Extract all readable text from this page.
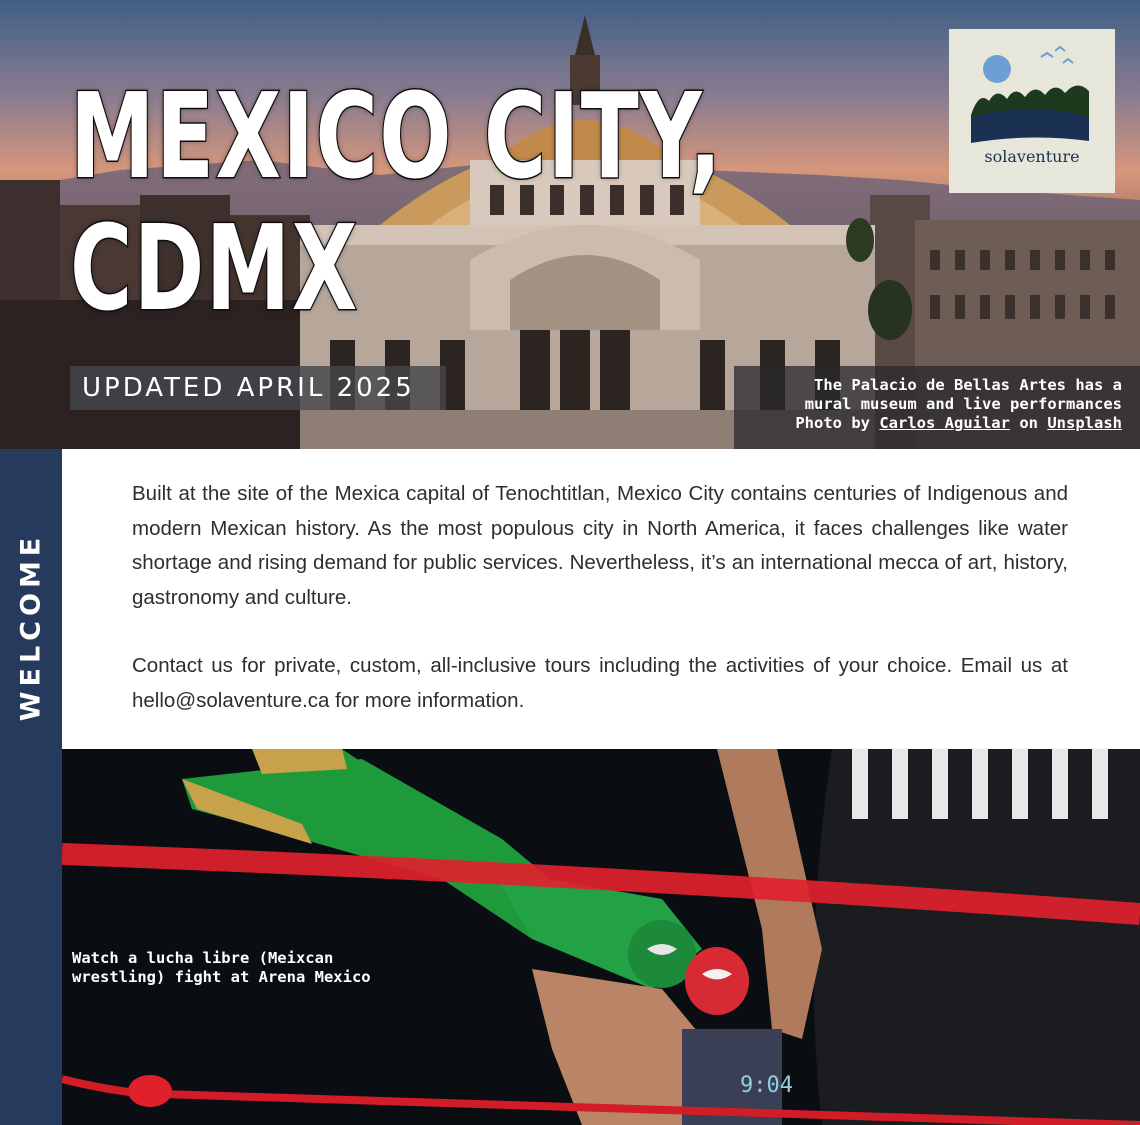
MEXICO CITY,
CDMX
UPDATED APRIL 2025	The Palacio de Bellas Artes has a
mural museum and live performances
Photo by Carlos Aguilar on Unsplash
solaventure
WELCOME

Built at the site of the Mexica capital of Tenochtitlan, Mexico City contains centuries of Indigenous and modern Mexican history. As the most populous city in North America, it faces challenges like water shortage and rising demand for public services. Nevertheless, it’s an international mecca of art, history, gastronomy and culture.

Contact us for private, custom, all-inclusive tours including the activities of your choice. Email us at hello@solaventure.ca for more information.

Watch a lucha libre (Meixcan
wrestling) fight at Arena Mexico
9:04
